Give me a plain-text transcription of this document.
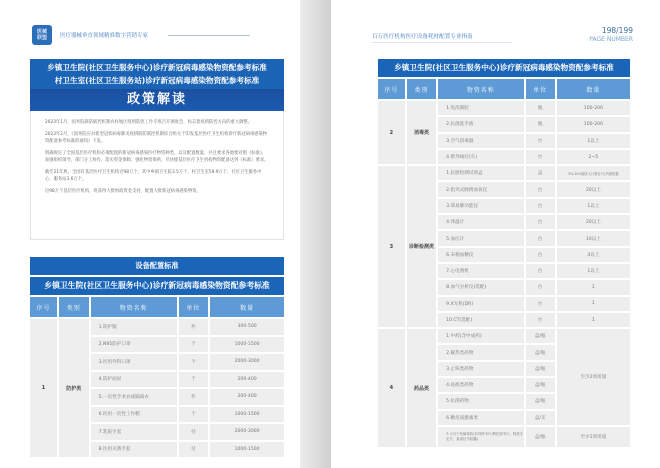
医械
联盟 医疗器械垂直领域精准数字营销专家
乡镇卫生院(社区卫生服务中心)诊疗新冠病毒感染物资配参考标准
村卫生室(社区卫生服务站)诊疗新冠病毒感染物资配参考标准
政策解读

2023年1月，国务院联防联控机制农村地区疫情防控工作专班召开调度会，标志着疫情防控方向的重大调整。

2023年2月，《国务院应对新型冠状病毒肺炎疫情联防联控机制综合组关于印发基层医疗卫生机构诊疗新冠病毒感染物资配备参考标准的通知》下发。

明确规定了全国基层医疗机构必须配置的新冠病毒感染医疗物资种类，以及配置数量，并且要求各地要对照《标准》，加强组织领导，部门分工协作，落实资金保障，强化物资保供，尽快使基层医疗卫生机构物资配备达到《标准》要求。

截至21年底，全国有基层医疗卫生机构近98万个，其中乡镇卫生院3.5万个、村卫生室59.9万个，社区卫生服务中心、服务站3.6万个。

这98万个基层医疗机构，将获得大批财政资金支持，配置大批新冠病毒感染物资。

设备配置标准
乡镇卫生院(社区卫生服务中心)诊疗新冠病毒感染物资配参考标准
序号	类别	物资名称	单位	数量
1	防护类	1.防护服	件	300-500
		2.N95防护口罩	个	1000-1500
		3.医用外科口罩	个	2000-3000
		4.防护面屏	个	200-400
		5.一次性手术衣或隔离衣	件	200-400
		6.医用一次性工作帽	个	1000-1500
		7.乳胶手套	付	2000-3000
		8.医用灭菌手套	付	1000-1500
百万医疗机构医疗设备耗材配置专业指南
198/199
PAGE NUMBER
乡镇卫生院(社区卫生服务中心)诊疗新冠病毒感染物资配参考标准
序号	类别	物资名称	单位	数量
2	消毒类	1.免洗凝胶	瓶	100-200
		2.抗菌洗手液	瓶	100-200
		3.空气消毒器	台	1以上
		4.紫外线灯(车)	台	2~5
3	诊断检测类	1.抗原检测试剂盒	盒	5%-20%服务人口数在7日内需配置
		2.指夹式脉搏血氧仪	台	20以上
		3.简易肺功能仪	台	1以上
		4.体温计	台	20以上
		5.血压计	台	10以上
		6.末梢血糖仪	台	4以上
		7.心电图机	台	1以上
		8.血气分析仪(选配)	台	1
		9.X光机(DR)	台	1
		10.CT(选配)	台	1
4	药品类	1.中药(含中成药)	盒/瓶	至少2周用量
		2.解热类药物	盒/瓶	
		3.止咳类药物	盒/瓶	
		4.祛痰类药物	盒/瓶	
		5.抗菌药物	盒/瓶	
		6.糖皮质激素类	盒/支	
		7.小分子抗病毒药(奈玛特韦片/利托那韦片、阿兹夫定片、莫诺拉韦胶囊)	盒/瓶	至少1周用量
